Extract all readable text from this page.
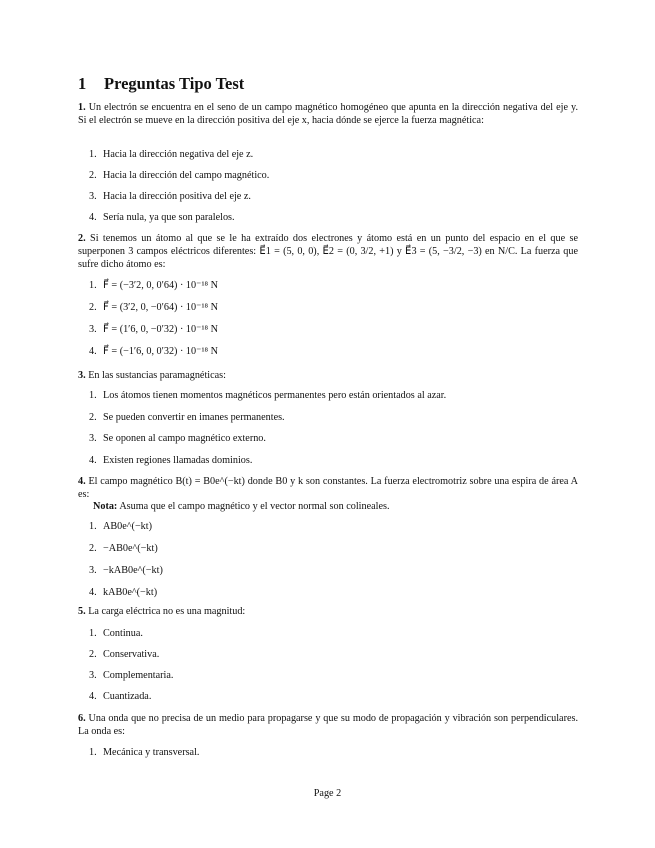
1 Preguntas Tipo Test
1. Un electrón se encuentra en el seno de un campo magnético homogéneo que apunta en la dirección negativa del eje y. Si el electrón se mueve en la dirección positiva del eje x, hacia dónde se ejerce la fuerza magnética:
1. Hacia la dirección negativa del eje z.
2. Hacia la dirección del campo magnético.
3. Hacia la dirección positiva del eje z.
4. Sería nula, ya que son paralelos.
2. Si tenemos un átomo al que se le ha extraído dos electrones y átomo está en un punto del espacio en el que se superponen 3 campos eléctricos diferentes: E⃗1 = (5, 0, 0), E⃗2 = (0, 3/2, +1) y E⃗3 = (5, −3/2, −3) en N/C. La fuerza que sufre dicho átomo es:
1. F⃗ = (−3′2, 0, 0′64) · 10⁻¹⁸ N
2. F⃗ = (3′2, 0, −0′64) · 10⁻¹⁸ N
3. F⃗ = (1′6, 0, −0′32) · 10⁻¹⁸ N
4. F⃗ = (−1′6, 0, 0′32) · 10⁻¹⁸ N
3. En las sustancias paramagnéticas:
1. Los átomos tienen momentos magnéticos permanentes pero están orientados al azar.
2. Se pueden convertir en imanes permanentes.
3. Se oponen al campo magnético externo.
4. Existen regiones llamadas dominios.
4. El campo magnético B(t) = B0e^(−kt) donde B0 y k son constantes. La fuerza electromotriz sobre una espira de área A es:
Nota: Asuma que el campo magnético y el vector normal son colineales.
1. AB0e^(−kt)
2. −AB0e^(−kt)
3. −kAB0e^(−kt)
4. kAB0e^(−kt)
5. La carga eléctrica no es una magnitud:
1. Continua.
2. Conservativa.
3. Complementaria.
4. Cuantizada.
6. Una onda que no precisa de un medio para propagarse y que su modo de propagación y vibración son perpendiculares. La onda es:
1. Mecánica y transversal.
Page 2
